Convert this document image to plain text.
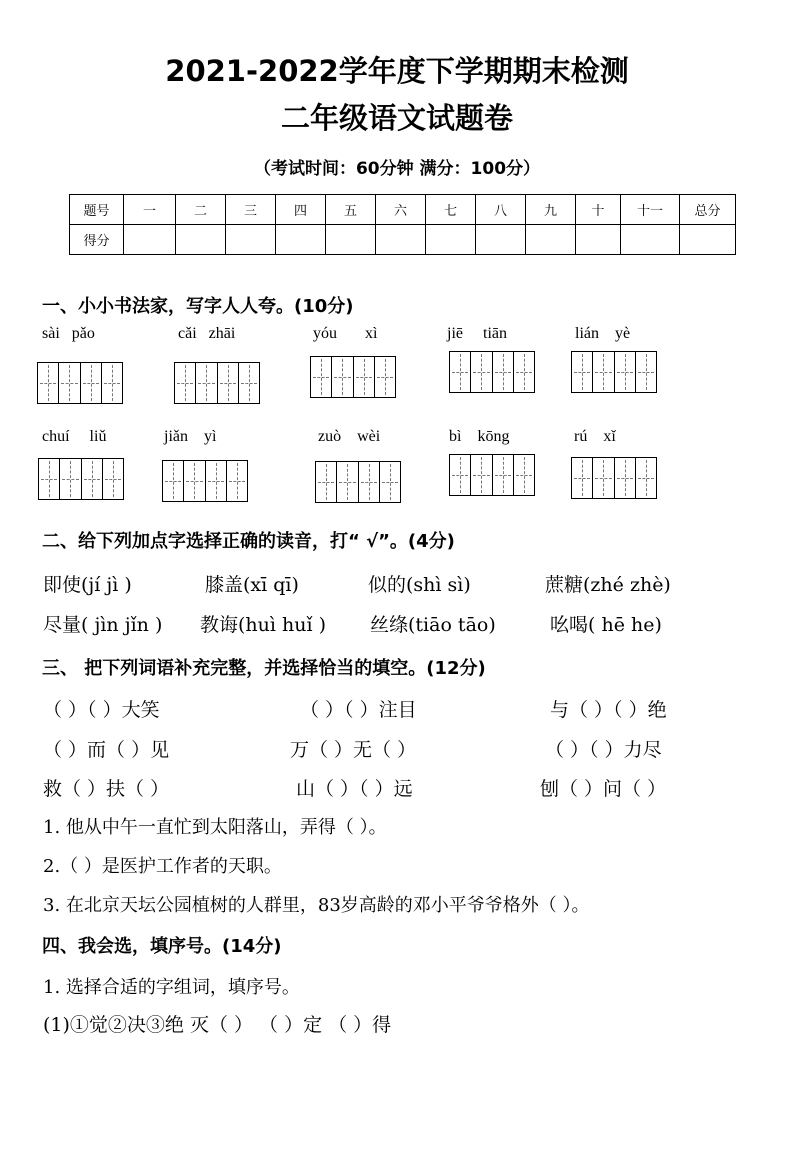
2021-2022学年度下学期期末检测
二年级语文试题卷
（考试时间：60分钟 满分：100分）
题号	一	二	三	四	五	六	七	八	九	十	十一	总分
得分												
一、小小书法家，写字人人夸。(10分)
sài pǎo	cǎi zhāi	yóu xì	jiē tiān	lián yè
chuí liǔ	jiǎn yì	zuò wèi	bì kōng	rú xǐ
二、给下列加点字选择正确的读音，打“ √”。(4分)
即使(jí jì )	膝盖(xī qī)	似的(shì sì)	蔗糖(zhé zhè)
尽量( jìn jǐn ) 教诲(huì huǐ ) 丝绦(tiāo tāo)	吆喝( hē he)
三、 把下列词语补充完整，并选择恰当的填空。(12分)
（ ）（ ）大笑	（ ）（ ）注目	与（ ）（ ）绝
（ ）而（ ）见	万（ ）无（ ）	（ ）（ ）力尽
救（ ）扶（ ）	山（ ）（ ）远	刨（ ）问（ ）
1. 他从中午一直忙到太阳落山，弄得（ ）。
2.（ ）是医护工作者的天职。
3. 在北京天坛公园植树的人群里，83岁高龄的邓小平爷爷格外（ ）。
四、我会选，填序号。(14分)
1. 选择合适的字组词，填序号。
(1)①觉②决③绝 灭（ ） （ ）定 （ ）得
